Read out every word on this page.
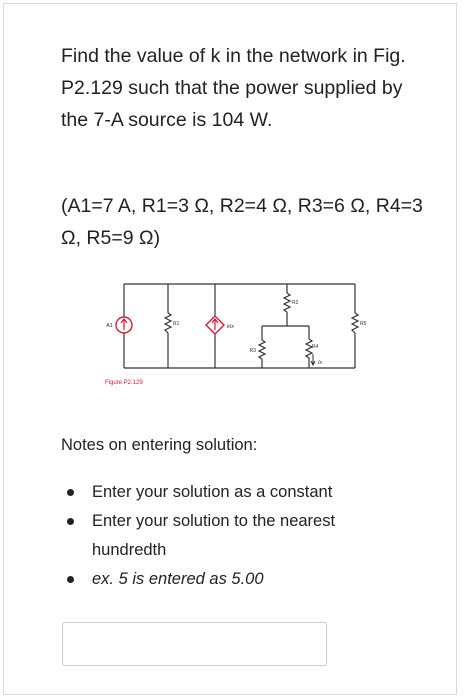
Find the value of k in the network in Fig. P2.129 such that the power supplied by the 7-A source is 104 W.

(A1=7 A, R1=3 Ω, R2=4 Ω, R3=6 Ω, R4=3 Ω, R5=9 Ω)

A1	R1	kIx
R2
R3
R4
Ix
R5
Figure P2.129

Notes on entering solution:

Enter your solution as a constant
Enter your solution to the nearest hundredth
ex. 5 is entered as 5.00
